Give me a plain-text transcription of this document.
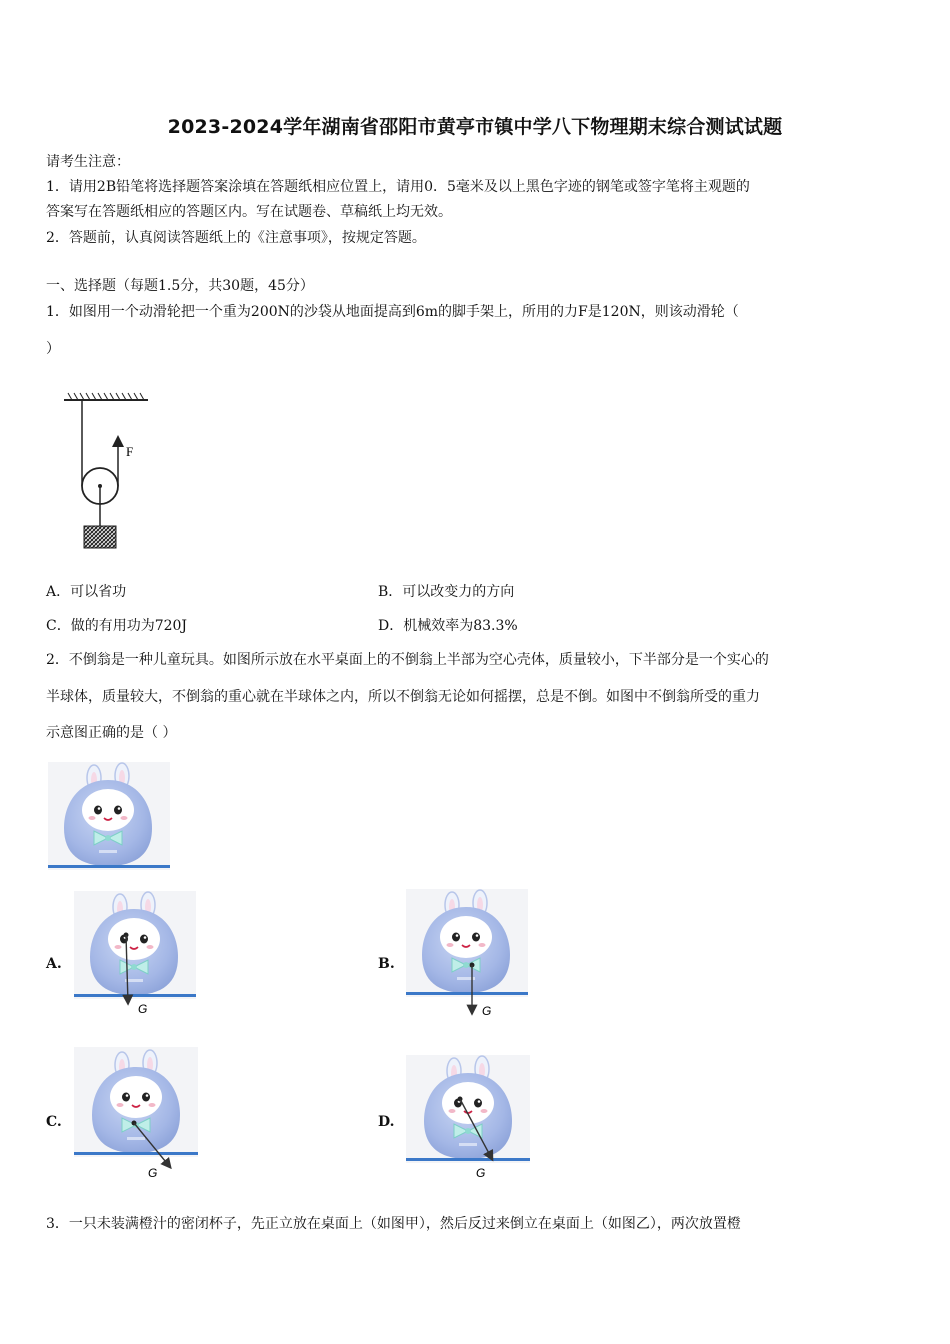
2023-2024学年湖南省邵阳市黄亭市镇中学八下物理期末综合测试试题
请考生注意：
1．请用2B铅笔将选择题答案涂填在答题纸相应位置上，请用0．5毫米及以上黑色字迹的钢笔或签字笔将主观题的
答案写在答题纸相应的答题区内。写在试题卷、草稿纸上均无效。
2．答题前，认真阅读答题纸上的《注意事项》，按规定答题。
一、选择题（每题1.5分，共30题，45分）
1．如图用一个动滑轮把一个重为200N的沙袋从地面提高到6m的脚手架上，所用的力F是120N，则该动滑轮（
）
F
A．可以省功	B．可以改变力的方向
C．做的有用功为720J	D．机械效率为83.3%
2．不倒翁是一种儿童玩具。如图所示放在水平桌面上的不倒翁上半部为空心壳体，质量较小，下半部分是一个实心的
半球体，质量较大，不倒翁的重心就在半球体之内，所以不倒翁无论如何摇摆，总是不倒。如图中不倒翁所受的重力
示意图正确的是（ ）
A.
G
B.
G
C.
G
D.
G
3．一只未装满橙汁的密闭杯子，先正立放在桌面上（如图甲），然后反过来倒立在桌面上（如图乙），两次放置橙
